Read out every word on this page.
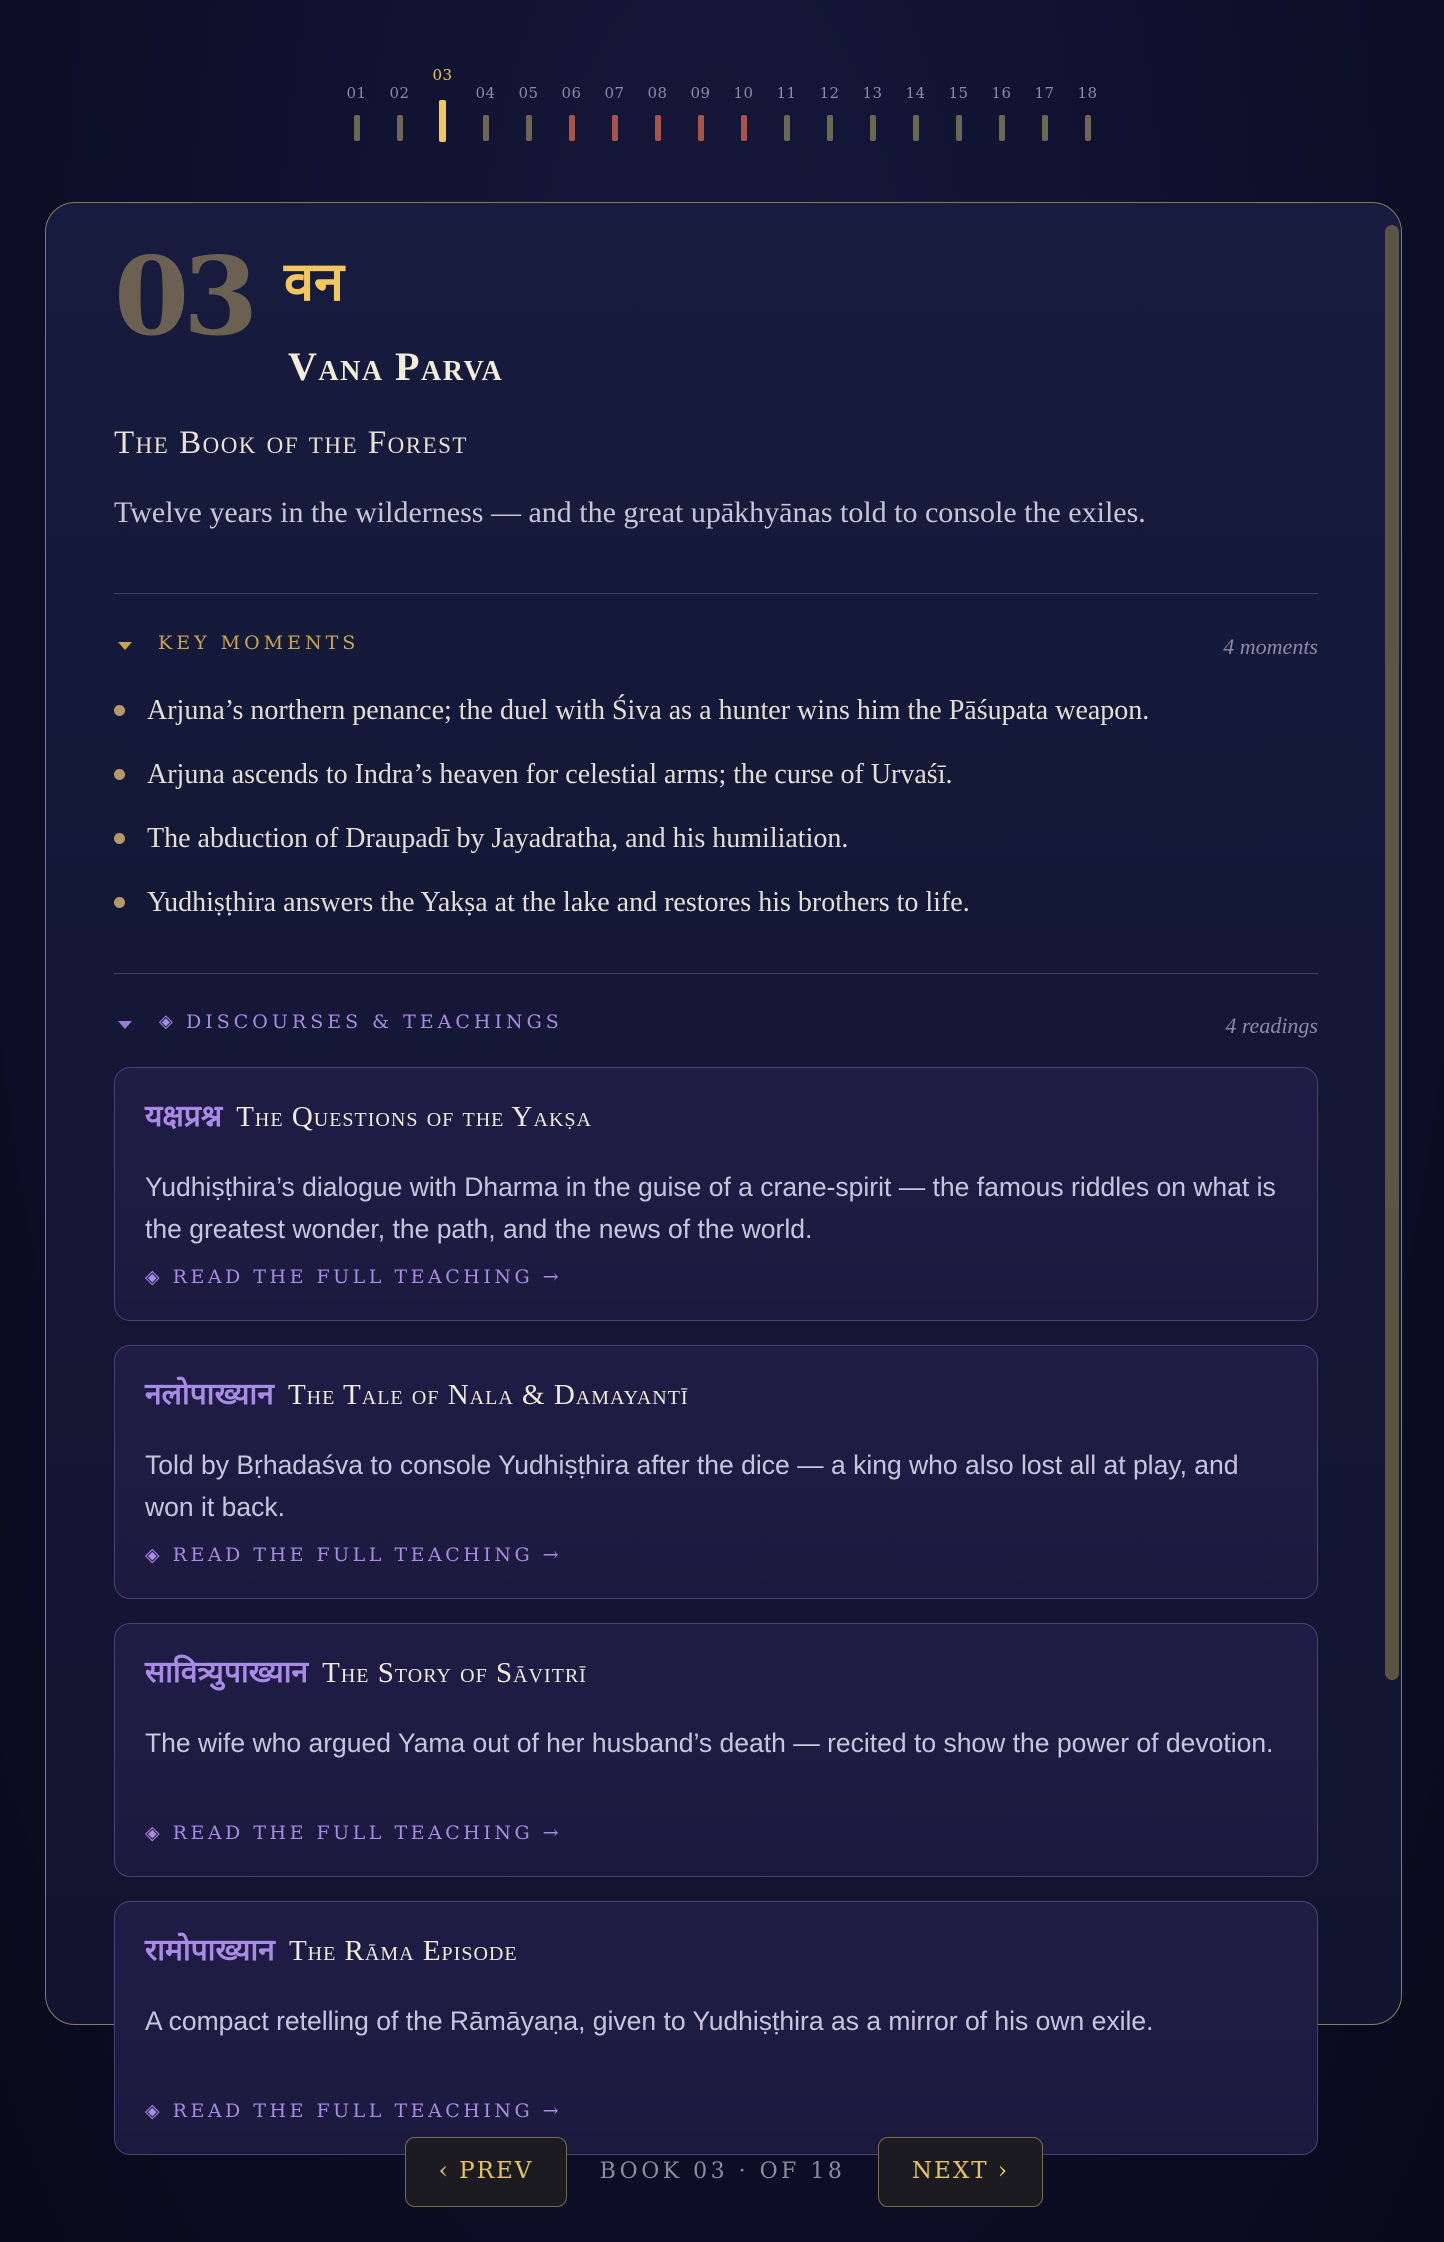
01	02
03
04	05	06	07	08	09	10	11	12	13	14	15	16	17	18
03 वन
Vana Parva
The Book of the Forest
Twelve years in the wilderness — and the great upākhyānas told to console the exiles.
KEY MOMENTS	4 moments
Arjuna’s northern penance; the duel with Śiva as a hunter wins him the Pāśupata weapon.
Arjuna ascends to Indra’s heaven for celestial arms; the curse of Urvaśī.
The abduction of Draupadī by Jayadratha, and his humiliation.
Yudhiṣṭhira answers the Yakṣa at the lake and restores his brothers to life.
◈ DISCOURSES & TEACHINGS	4 readings
यक्षप्रश्न The Questions of the Yakṣa
Yudhiṣṭhira’s dialogue with Dharma in the guise of a crane-spirit — the famous riddles on what is the greatest wonder, the path, and the news of the world.
◈ READ THE FULL TEACHING →
नलोपाख्यान The Tale of Nala & Damayantī
Told by Bṛhadaśva to console Yudhiṣṭhira after the dice — a king who also lost all at play, and won it back.
◈ READ THE FULL TEACHING →
सावित्र्युपाख्यान The Story of Sāvitrī
The wife who argued Yama out of her husband’s death — recited to show the power of devotion.
◈ READ THE FULL TEACHING →
रामोपाख्यान The Rāma Episode
A compact retelling of the Rāmāyaṇa, given to Yudhiṣṭhira as a mirror of his own exile.
◈ READ THE FULL TEACHING →
‹ PREV	BOOK 03 · OF 18	NEXT ›
